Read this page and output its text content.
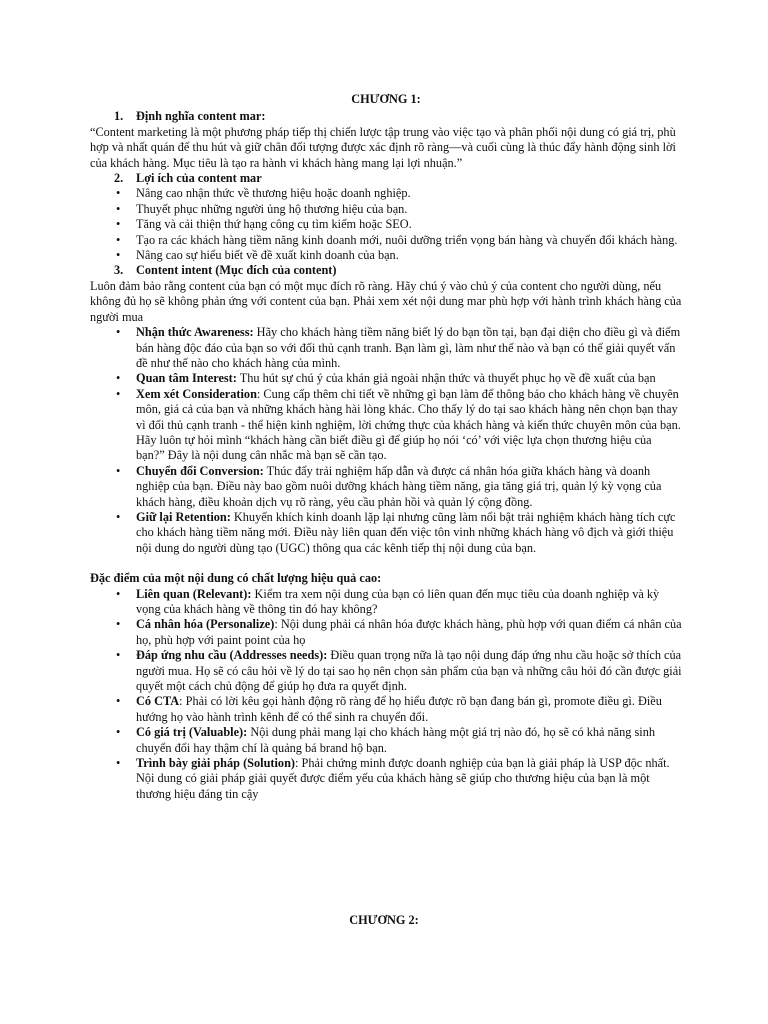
CHƯƠNG 1:
1. Định nghĩa content mar:

“Content marketing là một phương pháp tiếp thị chiến lược tập trung vào việc tạo và phân phối nội dung có giá trị, phù hợp và nhất quán để thu hút và giữ chân đối tượng được xác định rõ ràng—và cuối cùng là thúc đẩy hành động sinh lời của khách hàng. Mục tiêu là tạo ra hành vi khách hàng mang lại lợi nhuận.”

2. Lợi ích của content mar
• Nâng cao nhận thức về thương hiệu hoặc doanh nghiệp.
• Thuyết phục những người ủng hộ thương hiệu của bạn.
• Tăng và cải thiện thứ hạng công cụ tìm kiếm hoặc SEO.
• Tạo ra các khách hàng tiềm năng kinh doanh mới, nuôi dưỡng triển vọng bán hàng và chuyển đổi khách hàng.
• Nâng cao sự hiểu biết về đề xuất kinh doanh của bạn.
3. Content intent (Mục đích của content)

Luôn đảm bảo rằng content của bạn có một mục đích rõ ràng. Hãy chú ý vào chủ ý của content cho người dùng, nếu không đủ họ sẽ không phản ứng với content của bạn. Phải xem xét nội dung mar phù hợp với hành trình khách hàng của người mua

• Nhận thức Awareness: Hãy cho khách hàng tiềm năng biết lý do bạn tồn tại, bạn đại diện cho điều gì và điểm bán hàng độc đáo của bạn so với đối thủ cạnh tranh. Bạn làm gì, làm như thế nào và bạn có thể giải quyết vấn đề như thế nào cho khách hàng của mình.
• Quan tâm Interest: Thu hút sự chú ý của khán giả ngoài nhận thức và thuyết phục họ về đề xuất của bạn
• Xem xét Consideration: Cung cấp thêm chi tiết về những gì bạn làm để thông báo cho khách hàng về chuyên môn, giá cả của bạn và những khách hàng hài lòng khác. Cho thấy lý do tại sao khách hàng nên chọn bạn thay vì đối thủ cạnh tranh - thể hiện kinh nghiệm, lời chứng thực của khách hàng và kiến thức chuyên môn của bạn. Hãy luôn tự hỏi mình “khách hàng cần biết điều gì để giúp họ nói ‘có’ với việc lựa chọn thương hiệu của bạn?” Đây là nội dung cân nhắc mà bạn sẽ cần tạo.
• Chuyển đổi Conversion: Thúc đẩy trải nghiệm hấp dẫn và được cá nhân hóa giữa khách hàng và doanh nghiệp của bạn. Điều này bao gồm nuôi dưỡng khách hàng tiềm năng, gia tăng giá trị, quản lý kỳ vọng của khách hàng, điều khoản dịch vụ rõ ràng, yêu cầu phản hồi và quản lý cộng đồng.
• Giữ lại Retention: Khuyến khích kinh doanh lặp lại nhưng cũng làm nổi bật trải nghiệm khách hàng tích cực cho khách hàng tiềm năng mới. Điều này liên quan đến việc tôn vinh những khách hàng vô địch và giới thiệu nội dung do người dùng tạo (UGC) thông qua các kênh tiếp thị nội dung của bạn.
Đặc điểm của một nội dung có chất lượng hiệu quả cao:
• Liên quan (Relevant): Kiểm tra xem nội dung của bạn có liên quan đến mục tiêu của doanh nghiệp và kỳ vọng của khách hàng về thông tin đó hay không?
• Cá nhân hóa (Personalize): Nội dung phải cá nhân hóa được khách hàng, phù hợp với quan điểm cá nhân của họ, phù hợp với paint point của họ
• Đáp ứng nhu cầu (Addresses needs): Điều quan trọng nữa là tạo nội dung đáp ứng nhu cầu hoặc sở thích của người mua. Họ sẽ có câu hỏi về lý do tại sao họ nên chọn sản phẩm của bạn và những câu hỏi đó cần được giải quyết một cách chủ động để giúp họ đưa ra quyết định.
• Có CTA: Phải có lời kêu gọi hành động rõ ràng để họ hiểu được rõ bạn đang bán gì, promote điều gì. Điều hướng họ vào hành trình kênh để có thể sinh ra chuyển đổi.
• Có giá trị (Valuable): Nội dung phải mang lại cho khách hàng một giá trị nào đó, họ sẽ có khả năng sinh chuyển đổi hay thậm chí là quảng bá brand hộ bạn.
• Trình bày giải pháp (Solution): Phải chứng minh được doanh nghiệp của bạn là giải pháp là USP độc nhất. Nội dung có giải pháp giải quyết được điểm yếu của khách hàng sẽ giúp cho thương hiệu của bạn là một thương hiệu đáng tin cậy
CHƯƠNG 2:
